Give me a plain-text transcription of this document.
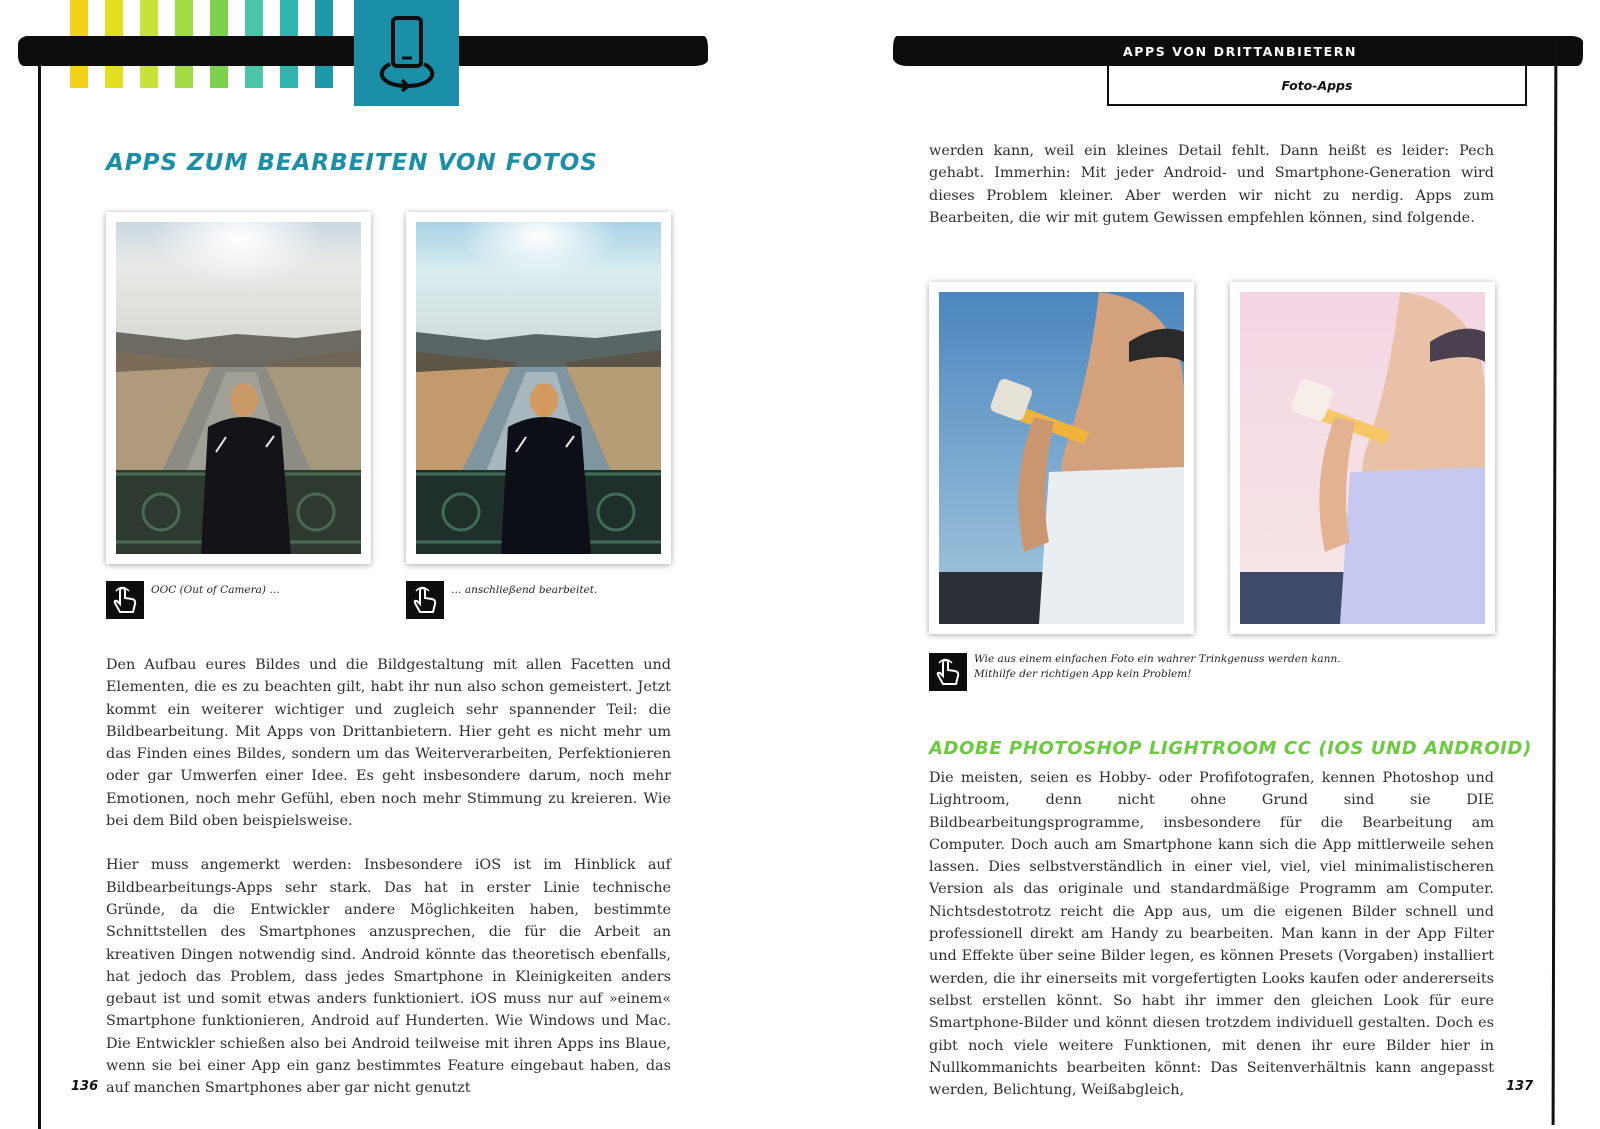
APPS VON DRITTANBIETERN
Foto-Apps
APPS ZUM BEARBEITEN VON FOTOS
OOC (Out of Camera) …	… anschließend bearbeitet.

Den Aufbau eures Bildes und die Bildgestaltung mit allen Facetten und Elementen, die es zu beachten gilt, habt ihr nun also schon gemeistert. Jetzt kommt ein weiterer wichtiger und zugleich sehr spannender Teil: die Bildbearbeitung. Mit Apps von Drittanbietern. Hier geht es nicht mehr um das Finden eines Bildes, sondern um das Weiterverarbeiten, Perfektionieren oder gar Umwerfen einer Idee. Es geht insbesondere darum, noch mehr Emotionen, noch mehr Gefühl, eben noch mehr Stimmung zu kreieren. Wie bei dem Bild oben beispielsweise.

Hier muss angemerkt werden: Insbesondere iOS ist im Hinblick auf Bildbearbeitungs-Apps sehr stark. Das hat in erster Linie technische Gründe, da die Entwickler andere Möglichkeiten haben, bestimmte Schnittstellen des Smartphones anzusprechen, die für die Arbeit an kreativen Dingen notwendig sind. Android könnte das theoretisch ebenfalls, hat jedoch das Problem, dass jedes Smartphone in Kleinigkeiten anders gebaut ist und somit etwas anders funktioniert. iOS muss nur auf »einem« Smartphone funktionieren, Android auf Hunderten. Wie Windows und Mac. Die Entwickler schießen also bei Android teilweise mit ihren Apps ins Blaue, wenn sie bei einer App ein ganz bestimmtes Feature eingebaut haben, das auf manchen Smartphones aber gar nicht genutzt

136

werden kann, weil ein kleines Detail fehlt. Dann heißt es leider: Pech gehabt. Immerhin: Mit jeder Android- und Smartphone-Generation wird dieses Problem kleiner. Aber werden wir nicht zu nerdig. Apps zum Bearbeiten, die wir mit gutem Gewissen empfehlen können, sind folgende.

Wie aus einem einfachen Foto ein wahrer Trinkgenuss werden kann. Mithilfe der richtigen App kein Problem!
ADOBE PHOTOSHOP LIGHTROOM CC (IOS UND ANDROID)

Die meisten, seien es Hobby- oder Profifotografen, kennen Photoshop und Lightroom, denn nicht ohne Grund sind sie DIE Bildbearbeitungsprogramme, insbesondere für die Bearbeitung am Computer. Doch auch am Smartphone kann sich die App mittlerweile sehen lassen. Dies selbstverständlich in einer viel, viel, viel minimalistischeren Version als das originale und standardmäßige Programm am Computer. Nichtsdestotrotz reicht die App aus, um die eigenen Bilder schnell und professionell direkt am Handy zu bearbeiten. Man kann in der App Filter und Effekte über seine Bilder legen, es können Presets (Vorgaben) installiert werden, die ihr einerseits mit vorgefertigten Looks kaufen oder andererseits selbst erstellen könnt. So habt ihr immer den gleichen Look für eure Smartphone-Bilder und könnt diesen trotzdem individuell gestalten. Doch es gibt noch viele weitere Funktionen, mit denen ihr eure Bilder hier in Nullkommanichts bearbeiten könnt: Das Seitenverhältnis kann angepasst werden, Belichtung, Weißabgleich,	137
